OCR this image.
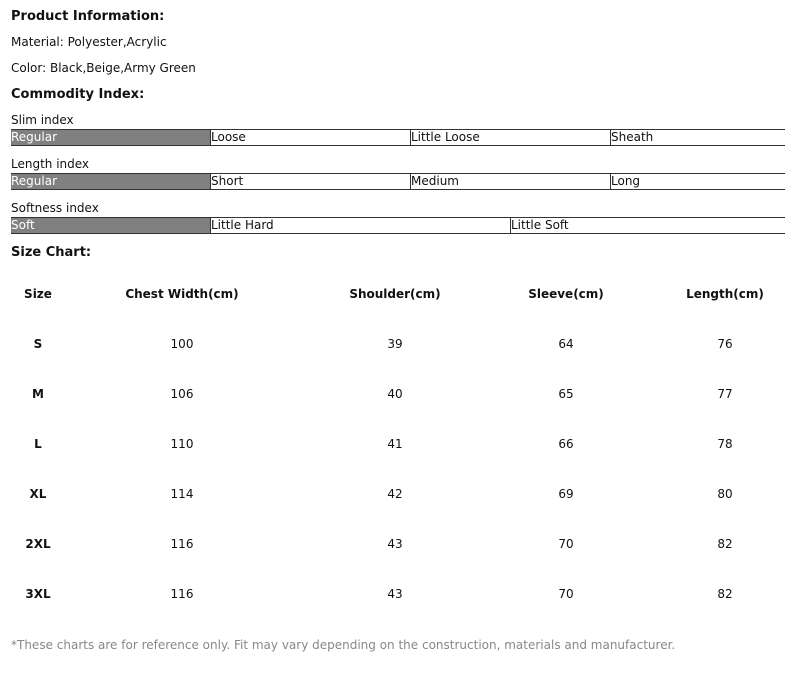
Product Information:
Material: Polyester,Acrylic
Color: Black,Beige,Army Green
Commodity Index:
Slim index
Regular	Loose	Little Loose	Sheath
Length index
Regular	Short	Medium	Long
Softness index
Soft	Little Hard	Little Soft
Size Chart:
Size	Chest Width(cm)	Shoulder(cm)	Sleeve(cm)	Length(cm)
S	100	39	64	76
M	106	40	65	77
L	110	41	66	78
XL	114	42	69	80
2XL	116	43	70	82
3XL	116	43	70	82
*These charts are for reference only. Fit may vary depending on the construction, materials and manufacturer.
